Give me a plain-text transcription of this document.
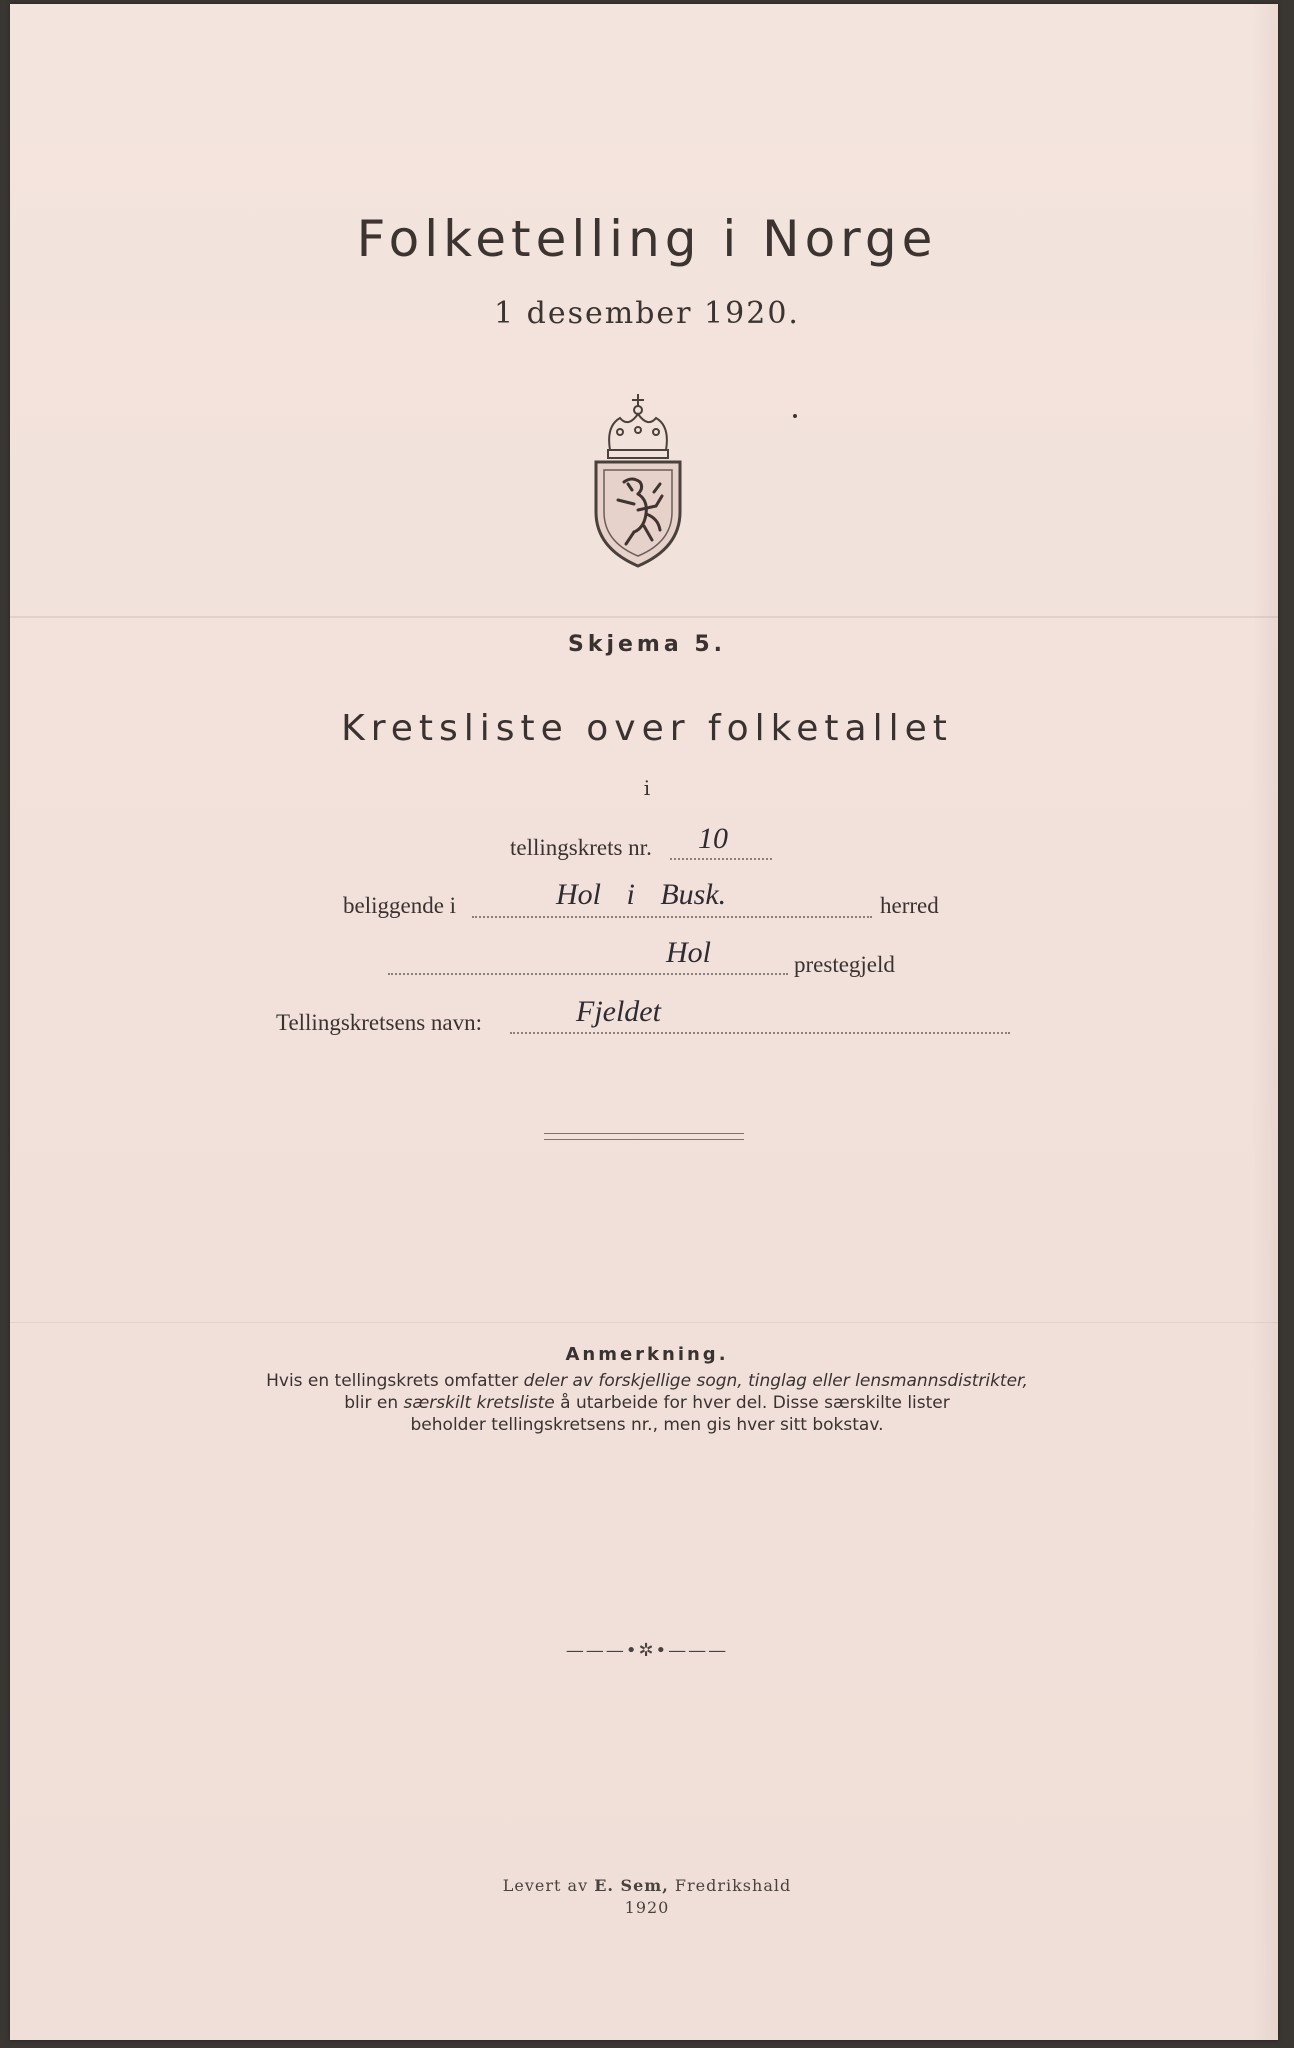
Folketelling i Norge
1 desember 1920.
Skjema 5.
Kretsliste over folketallet
i
tellingskrets nr. 10
beliggende i	Hol i Busk.	herred
Hol	prestegjeld
Tellingskretsens navn:	Fjeldet
Anmerkning.
Hvis en tellingskrets omfatter deler av forskjellige sogn, tinglag eller lensmannsdistrikter,
blir en særskilt kretsliste å utarbeide for hver del. Disse særskilte lister
beholder tellingskretsens nr., men gis hver sitt bokstav.
———•✲•———
Levert av E. Sem, Fredrikshald
1920
